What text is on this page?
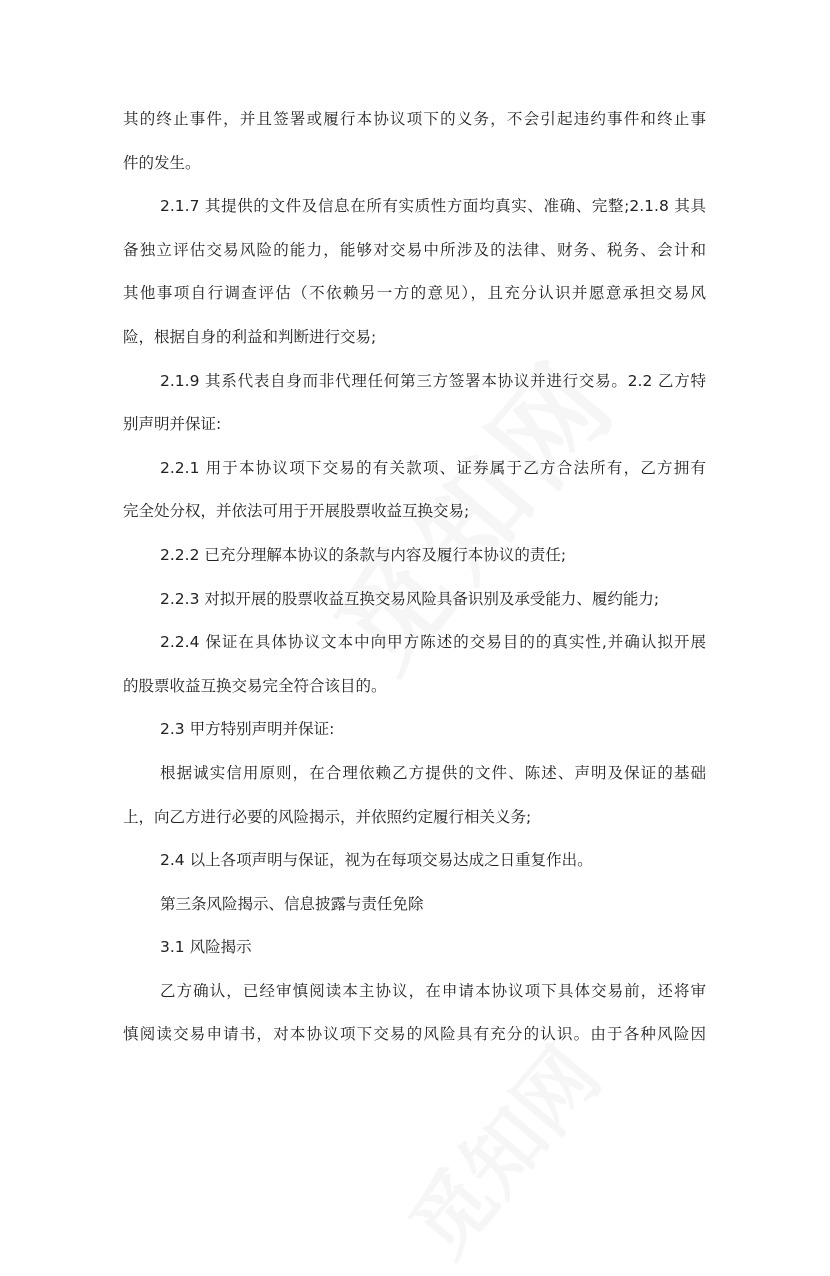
其的终止事件，并且签署或履行本协议项下的义务，不会引起违约事件和终止事
件的发生。
2.1.7 其提供的文件及信息在所有实质性方面均真实、准确、完整;2.1.8 其具
备独立评估交易风险的能力，能够对交易中所涉及的法律、财务、税务、会计和
其他事项自行调查评估（不依赖另一方的意见），且充分认识并愿意承担交易风
险，根据自身的利益和判断进行交易;
2.1.9 其系代表自身而非代理任何第三方签署本协议并进行交易。2.2 乙方特
别声明并保证:
2.2.1 用于本协议项下交易的有关款项、证券属于乙方合法所有，乙方拥有
完全处分权，并依法可用于开展股票收益互换交易;
2.2.2 已充分理解本协议的条款与内容及履行本协议的责任;
2.2.3 对拟开展的股票收益互换交易风险具备识别及承受能力、履约能力;
2.2.4 保证在具体协议文本中向甲方陈述的交易目的的真实性,并确认拟开展
的股票收益互换交易完全符合该目的。
2.3 甲方特别声明并保证:
根据诚实信用原则，在合理依赖乙方提供的文件、陈述、声明及保证的基础
上，向乙方进行必要的风险揭示，并依照约定履行相关义务;
2.4 以上各项声明与保证，视为在每项交易达成之日重复作出。
第三条风险揭示、信息披露与责任免除
3.1 风险揭示
乙方确认，已经审慎阅读本主协议，在申请本协议项下具体交易前，还将审
慎阅读交易申请书，对本协议项下交易的风险具有充分的认识。由于各种风险因
